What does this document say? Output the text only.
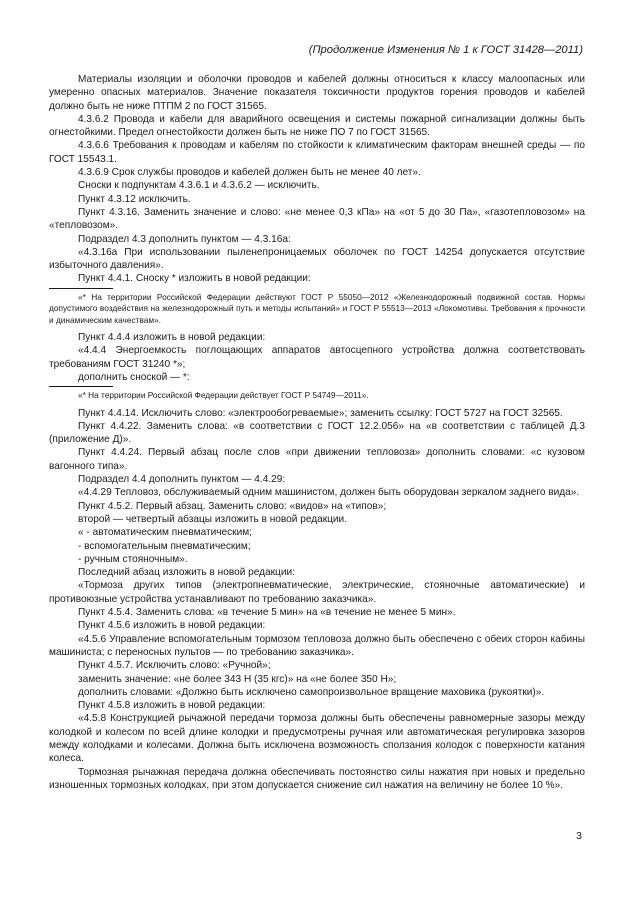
(Продолжение Изменения № 1 к ГОСТ 31428—2011)

Материалы изоляции и оболочки проводов и кабелей должны относиться к классу малоопасных или умеренно опасных материалов. Значение показателя токсичности продуктов горения проводов и кабелей должно быть не ниже ПТПМ 2 по ГОСТ 31565.

4.3.6.2 Провода и кабели для аварийного освещения и системы пожарной сигнализации должны быть огнестойкими. Предел огнестойкости должен быть не ниже ПО 7 по ГОСТ 31565.

4.3.6.6 Требования к проводам и кабелям по стойкости к климатическим факторам внешней среды — по ГОСТ 15543.1.

4.3.6.9 Срок службы проводов и кабелей должен быть не менее 40 лет».

Сноски к подпунктам 4.3.6.1 и 4.3.6.2 — исключить.

Пункт 4.3.12 исключить.

Пункт 4.3.16. Заменить значение и слово: «не менее 0,3 кПа» на «от 5 до 30 Па», «газотепловозом» на «тепловозом».

Подраздел 4.3 дополнить пунктом — 4.3.16а:

«4.3.16а При использовании пыленепроницаемых оболочек по ГОСТ 14254 допускается отсутствие избыточного давления».

Пункт 4.4.1. Сноску * изложить в новой редакции:

«* На территории Российской Федерации действуют ГОСТ Р 55050—2012 «Железнодорожный подвижной состав. Нормы допустимого воздействия на железнодорожный путь и методы испытаний» и ГОСТ Р 55513—2013 «Локомотивы. Требования к прочности и динамическим качествам».

Пункт 4.4.4 изложить в новой редакции:

«4.4.4 Энергоемкость поглощающих аппаратов автосцепного устройства должна соответствовать требованиям ГОСТ 31240 *»;

дополнить сноской — *:

«* На территории Российской Федерации действует ГОСТ Р 54749—2011».

Пункт 4.4.14. Исключить слово: «электрообогреваемые»; заменить ссылку: ГОСТ 5727 на ГОСТ 32565.

Пункт 4.4.22. Заменить слова: «в соответствии с ГОСТ 12.2.056» на «в соответствии с таблицей Д.3 (приложение Д)».

Пункт 4.4.24. Первый абзац после слов «при движении тепловоза» дополнить словами: «с кузовом вагонного типа».

Подраздел 4.4 дополнить пунктом — 4.4.29:

«4.4.29 Тепловоз, обслуживаемый одним машинистом, должен быть оборудован зеркалом заднего вида».

Пункт 4.5.2. Первый абзац. Заменить слово: «видов» на «типов»;

второй — четвертый абзацы изложить в новой редакции.

« - автоматическим пневматическим;

- вспомогательным пневматическим;

- ручным стояночным».

Последний абзац изложить в новой редакции:

«Тормоза других типов (электропневматические, электрические, стояночные автоматические) и противоюзные устройства устанавливают по требованию заказчика».

Пункт 4.5.4. Заменить слова: «в течение 5 мин» на «в течение не менее 5 мин».

Пункт 4.5.6 изложить в новой редакции:

«4.5.6 Управление вспомогательным тормозом тепловоза должно быть обеспечено с обеих сторон кабины машиниста; с переносных пультов — по требованию заказчика».

Пункт 4.5.7. Исключить слово: «Ручной»;

заменить значение: «не более 343 Н (35 кгс)» на «не более 350 Н»;

дополнить словами: «Должно быть исключено самопроизвольное вращение маховика (рукоятки)».

Пункт 4.5.8 изложить в новой редакции:

«4.5.8 Конструкцией рычажной передачи тормоза должны быть обеспечены равномерные зазоры между колодкой и колесом по всей длине колодки и предусмотрены ручная или автоматическая регулировка зазоров между колодками и колесами. Должна быть исключена возможность сползания колодок с поверхности катания колеса.

Тормозная рычажная передача должна обеспечивать постоянство силы нажатия при новых и предельно изношенных тормозных колодках, при этом допускается снижение сил нажатия на величину не более 10 %».

3
